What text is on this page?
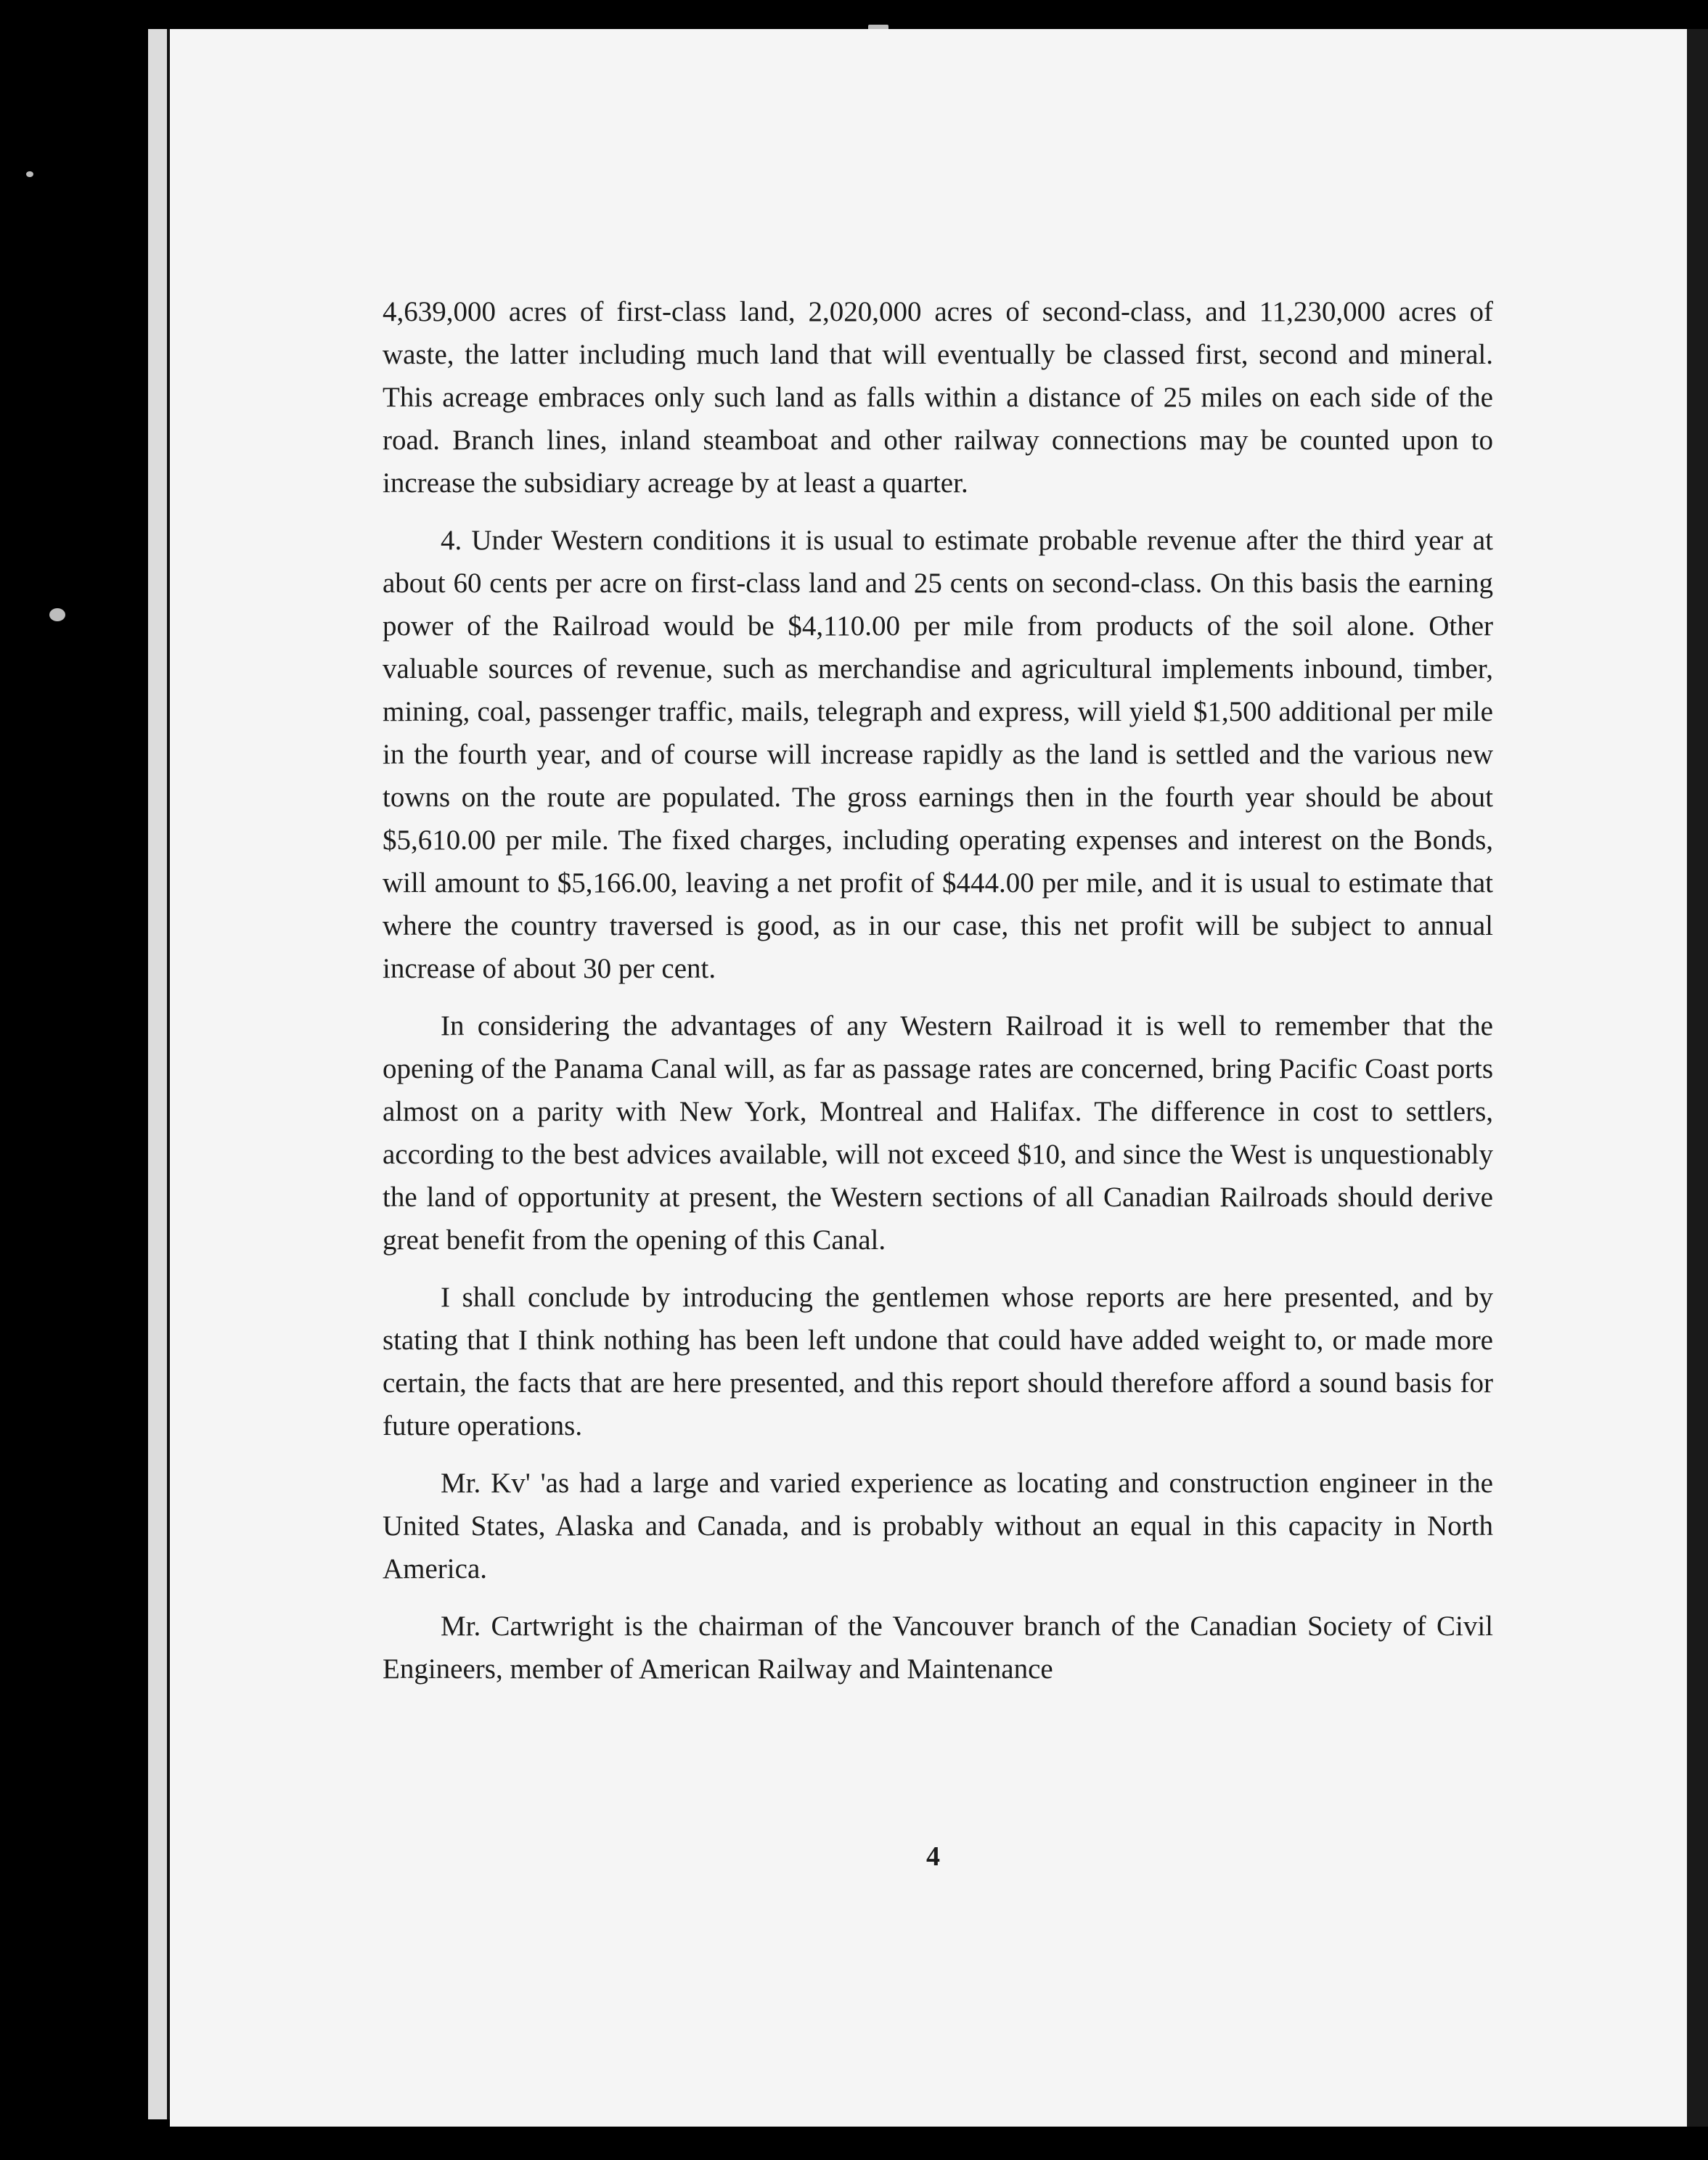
4,639,000 acres of first-class land, 2,020,000 acres of second-class, and 11,230,000 acres of waste, the latter including much land that will eventually be classed first, second and mineral. This acreage embraces only such land as falls within a distance of 25 miles on each side of the road. Branch lines, inland steamboat and other railway connections may be counted upon to increase the subsidiary acreage by at least a quarter.

4. Under Western conditions it is usual to estimate probable revenue after the third year at about 60 cents per acre on first-class land and 25 cents on second-class. On this basis the earning power of the Railroad would be $4,110.00 per mile from products of the soil alone. Other valuable sources of revenue, such as merchandise and agricultural implements inbound, timber, mining, coal, passenger traffic, mails, telegraph and express, will yield $1,500 additional per mile in the fourth year, and of course will increase rapidly as the land is settled and the various new towns on the route are populated. The gross earnings then in the fourth year should be about $5,610.00 per mile. The fixed charges, including operating expenses and interest on the Bonds, will amount to $5,166.00, leaving a net profit of $444.00 per mile, and it is usual to estimate that where the country traversed is good, as in our case, this net profit will be subject to annual increase of about 30 per cent.

In considering the advantages of any Western Railroad it is well to remember that the opening of the Panama Canal will, as far as passage rates are concerned, bring Pacific Coast ports almost on a parity with New York, Montreal and Halifax. The difference in cost to settlers, according to the best advices available, will not exceed $10, and since the West is unquestionably the land of opportunity at present, the Western sections of all Canadian Railroads should derive great benefit from the opening of this Canal.

I shall conclude by introducing the gentlemen whose reports are here presented, and by stating that I think nothing has been left undone that could have added weight to, or made more certain, the facts that are here presented, and this report should therefore afford a sound basis for future operations.

Mr. Kv' 'as had a large and varied experience as locating and construction engineer in the United States, Alaska and Canada, and is probably without an equal in this capacity in North America.

Mr. Cartwright is the chairman of the Vancouver branch of the Canadian Society of Civil Engineers, member of American Railway and Maintenance

4
